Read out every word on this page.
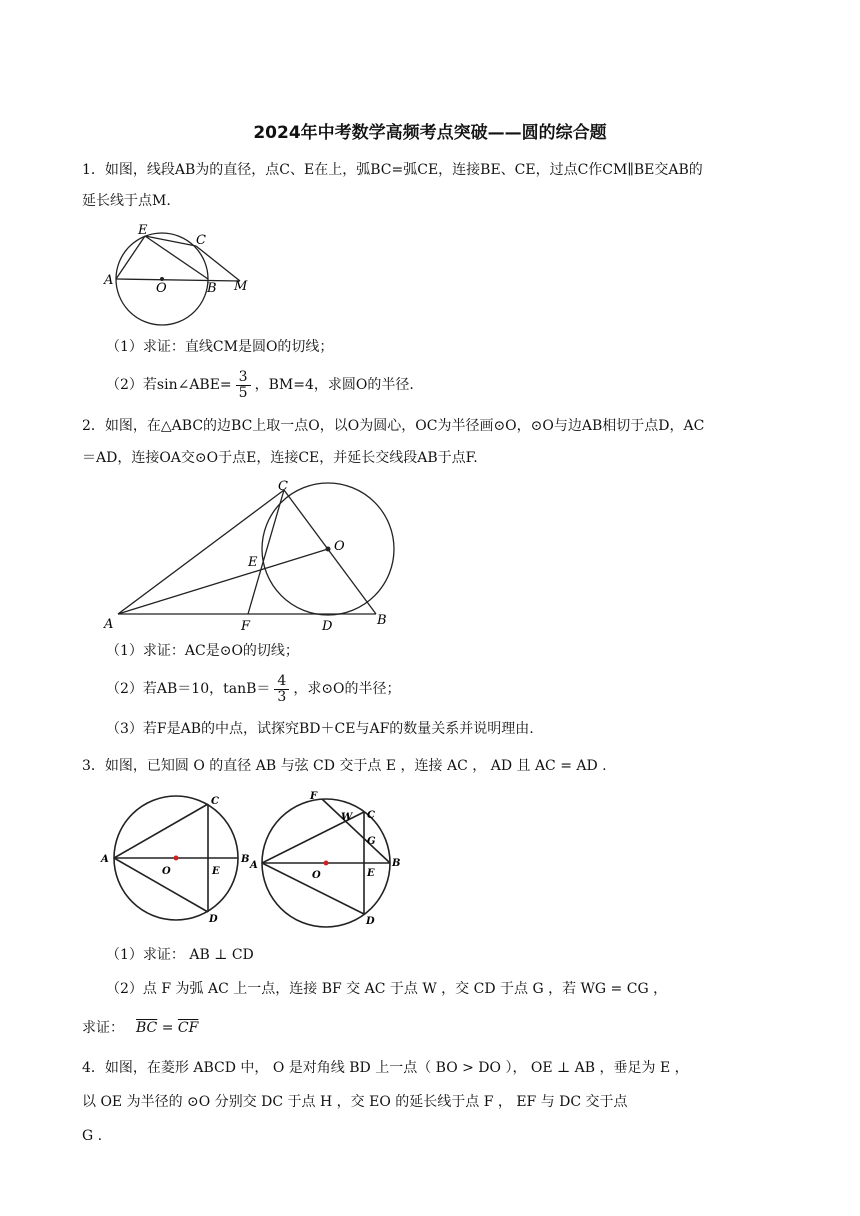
2024年中考数学高频考点突破——圆的综合题
1．如图，线段AB为的直径，点C、E在上，弧BC=弧CE，连接BE、CE，过点C作CM∥BE交AB的
延长线于点M.
E
C
A
O	B M
（1）求证：直线CM是圆O的切线；
（2）若sin∠ABE= $\frac{3}{5}$ ，BM=4，求圆O的半径.
2．如图，在△ABC的边BC上取一点O，以O为圆心，OC为半径画⊙O，⊙O与边AB相切于点D，AC
＝AD，连接OA交⊙O于点E，连接CE，并延长交线段AB于点F.
C
O
E
A	F	D	B
（1）求证：AC是⊙O的切线；
（2）若AB＝10，$\tan B= \frac{4}{3}$ ，求⊙O的半径；
（3）若F是AB的中点，试探究BD＋CE与AF的数量关系并说明理由.
3．如图，已知圆 O 的直径 AB 与弦 CD 交于点 E ，连接 AC ， AD 且 AC = AD .
C
A
O	E
B
D
F
W C
G
A
O	E
B
D
（1）求证： AB ⊥ CD
（2）点 F 为弧 AC 上一点，连接 BF 交 AC 于点 W ，交 CD 于点 G ，若 WG = CG ，
求证： $\overline{BC} = \overline{CF}$
4．如图，在菱形 ABCD 中， O 是对角线 BD 上一点（ BO > DO ）， OE ⊥ AB ，垂足为 E ，
以 OE 为半径的 ⊙O 分别交 DC 于点 H ，交 EO 的延长线于点 F ， EF 与 DC 交于点
G .
